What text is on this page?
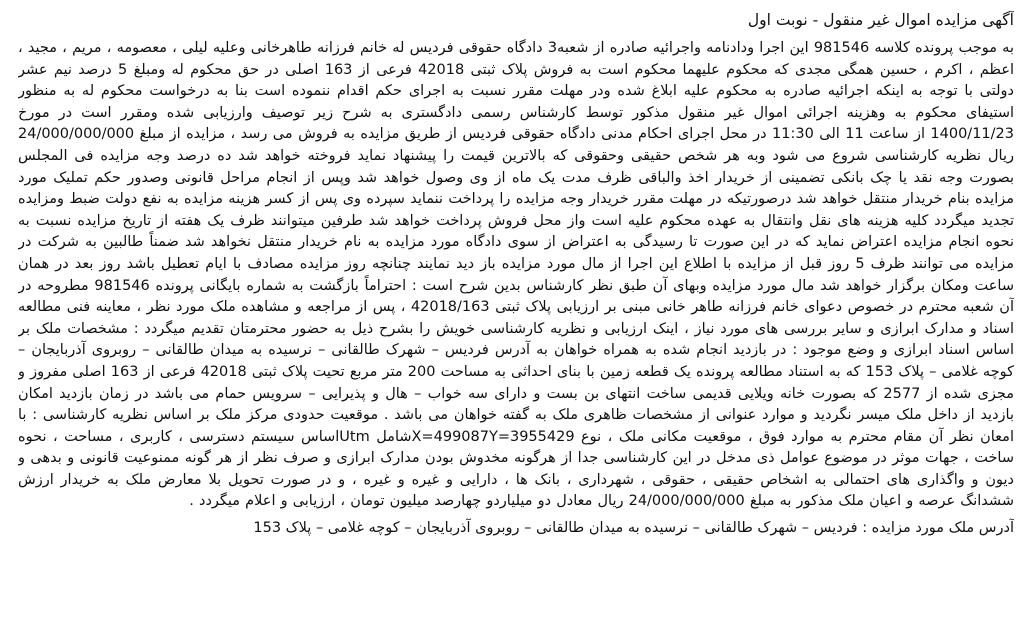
آگهی مزایده اموال غیر منقول - نوبت اول

به موجب پرونده کلاسه 981546 این اجرا ودادنامه واجرائیه صادره از شعبه3 دادگاه حقوقی فردیس له خانم فرزانه طاهرخانی وعلیه لیلی ، معصومه ، مریم ، مجید ، اعظم ، اکرم ، حسین همگی مجدی که محکوم علیهما محکوم است به فروش پلاک ثبتی 42018 فرعی از 163 اصلی در حق محکوم له ومبلغ 5 درصد نیم عشر دولتی با توجه به اینکه اجرائیه صادره به محکوم علیه ابلاغ شده ودر مهلت مقرر نسبت به اجرای حکم اقدام ننموده است بنا به درخواست محکوم له به منظور استیفای محکوم به وهزینه اجرائی اموال غیر منقول مذکور توسط کارشناس رسمی دادگستری به شرح زیر توصیف وارزیابی شده ومقرر است در مورخ 1400/11/23 از ساعت 11 الی 11:30 در محل اجرای احکام مدنی دادگاه حقوقی فردیس از طریق مزایده به فروش می رسد ، مزایده از مبلغ 24/000/000/000 ریال نظریه کارشناسی شروع می شود وبه هر شخص حقیقی وحقوقی که بالاترین قیمت را پیشنهاد نماید فروخته خواهد شد ده درصد وجه مزایده فی المجلس بصورت وجه نقد یا چک بانکی تضمینی از خریدار اخذ والباقی ظرف مدت یک ماه از وی وصول خواهد شد وپس از انجام مراحل قانونی وصدور حکم تملیک مورد مزایده بنام خریدار منتقل خواهد شد درصورتیکه در مهلت مقرر خریدار وجه مزایده را پرداخت ننماید سپرده وی پس از کسر هزینه مزایده به نفع دولت ضبط ومزایده تجدید میگردد کلیه هزینه های نقل وانتقال به عهده محکوم علیه است واز محل فروش پرداخت خواهد شد طرفین میتوانند ظرف یک هفته از تاریخ مزایده نسبت به نحوه انجام مزایده اعتراض نماید که در این صورت تا رسیدگی به اعتراض از سوی دادگاه مورد مزایده به نام خریدار منتقل نخواهد شد ضمناً طالبین به شرکت در مزایده می توانند ظرف 5 روز قبل از مزایده با اطلاع این اجرا از مال مورد مزایده باز دید نمایند چنانچه روز مزایده مصادف با ایام تعطیل باشد روز بعد در همان ساعت ومکان برگزار خواهد شد مال مورد مزایده وبهای آن طبق نظر کارشناس بدین شرح است : احتراماً بازگشت به شماره بایگانی پرونده 981546 مطروحه در آن شعبه محترم در خصوص دعوای خانم فرزانه طاهر خانی مبنی بر ارزیابی پلاک ثبتی 42018/163 ، پس از مراجعه و مشاهده ملک مورد نظر ، معاینه فنی مطالعه اسناد و مدارک ابرازی و سایر بررسی های مورد نیاز ، اینک ارزیابی و نظریه کارشناسی خویش را بشرح ذیل به حضور محترمتان تقدیم میگردد : مشخصات ملک بر اساس اسناد ابرازی و وضع موجود : در بازدید انجام شده به همراه خواهان به آدرس فردیس – شهرک طالقانی – نرسیده به میدان طالقانی – روبروی آذربایجان – کوچه غلامی – پلاک 153 که به استناد مطالعه پرونده یک قطعه زمین با بنای احداثی به مساحت 200 متر مربع تحیت پلاک ثبتی 42018 فرعی از 163 اصلی مفروز و مجزی شده از 2577 که بصورت خانه ویلایی قدیمی ساخت انتهای بن بست و دارای سه خواب – هال و پذیرایی – سرویس حمام می باشد در زمان بازدید امکان بازدید از داخل ملک میسر نگردید و موارد عنوانی از مشخصات ظاهری ملک به گفته خواهان می باشد . موقعیت حدودی مرکز ملک بر اساس نظریه کارشناسی : با امعان نظر آن مقام محترم به موارد فوق ، موقعیت مکانی ملک ، نوع X=499087Y=3955429شامل Utmاساس سیستم دسترسی ، کاربری ، مساحت ، نحوه ساخت ، جهات موثر در موضوع عوامل ذی مدخل در این کارشناسی جدا از هرگونه مخدوش بودن مدارک ابرازی و صرف نظر از هر گونه ممنوعیت قانونی و بدهی و دیون و واگذاری های احتمالی به اشخاص حقیقی ، حقوقی ، شهرداری ، بانک ها ، دارایی و غیره و غیره ، و در صورت تحویل بلا معارض ملک به خریدار ارزش ششدانگ عرصه و اعیان ملک مذکور به مبلغ 24/000/000/000 ریال معادل دو میلیاردو چهارصد میلیون تومان ، ارزیابی و اعلام میگردد .

آدرس ملک مورد مزایده : فردیس – شهرک طالقانی – نرسیده به میدان طالقانی – روبروی آذربایجان – کوچه غلامی – پلاک 153
